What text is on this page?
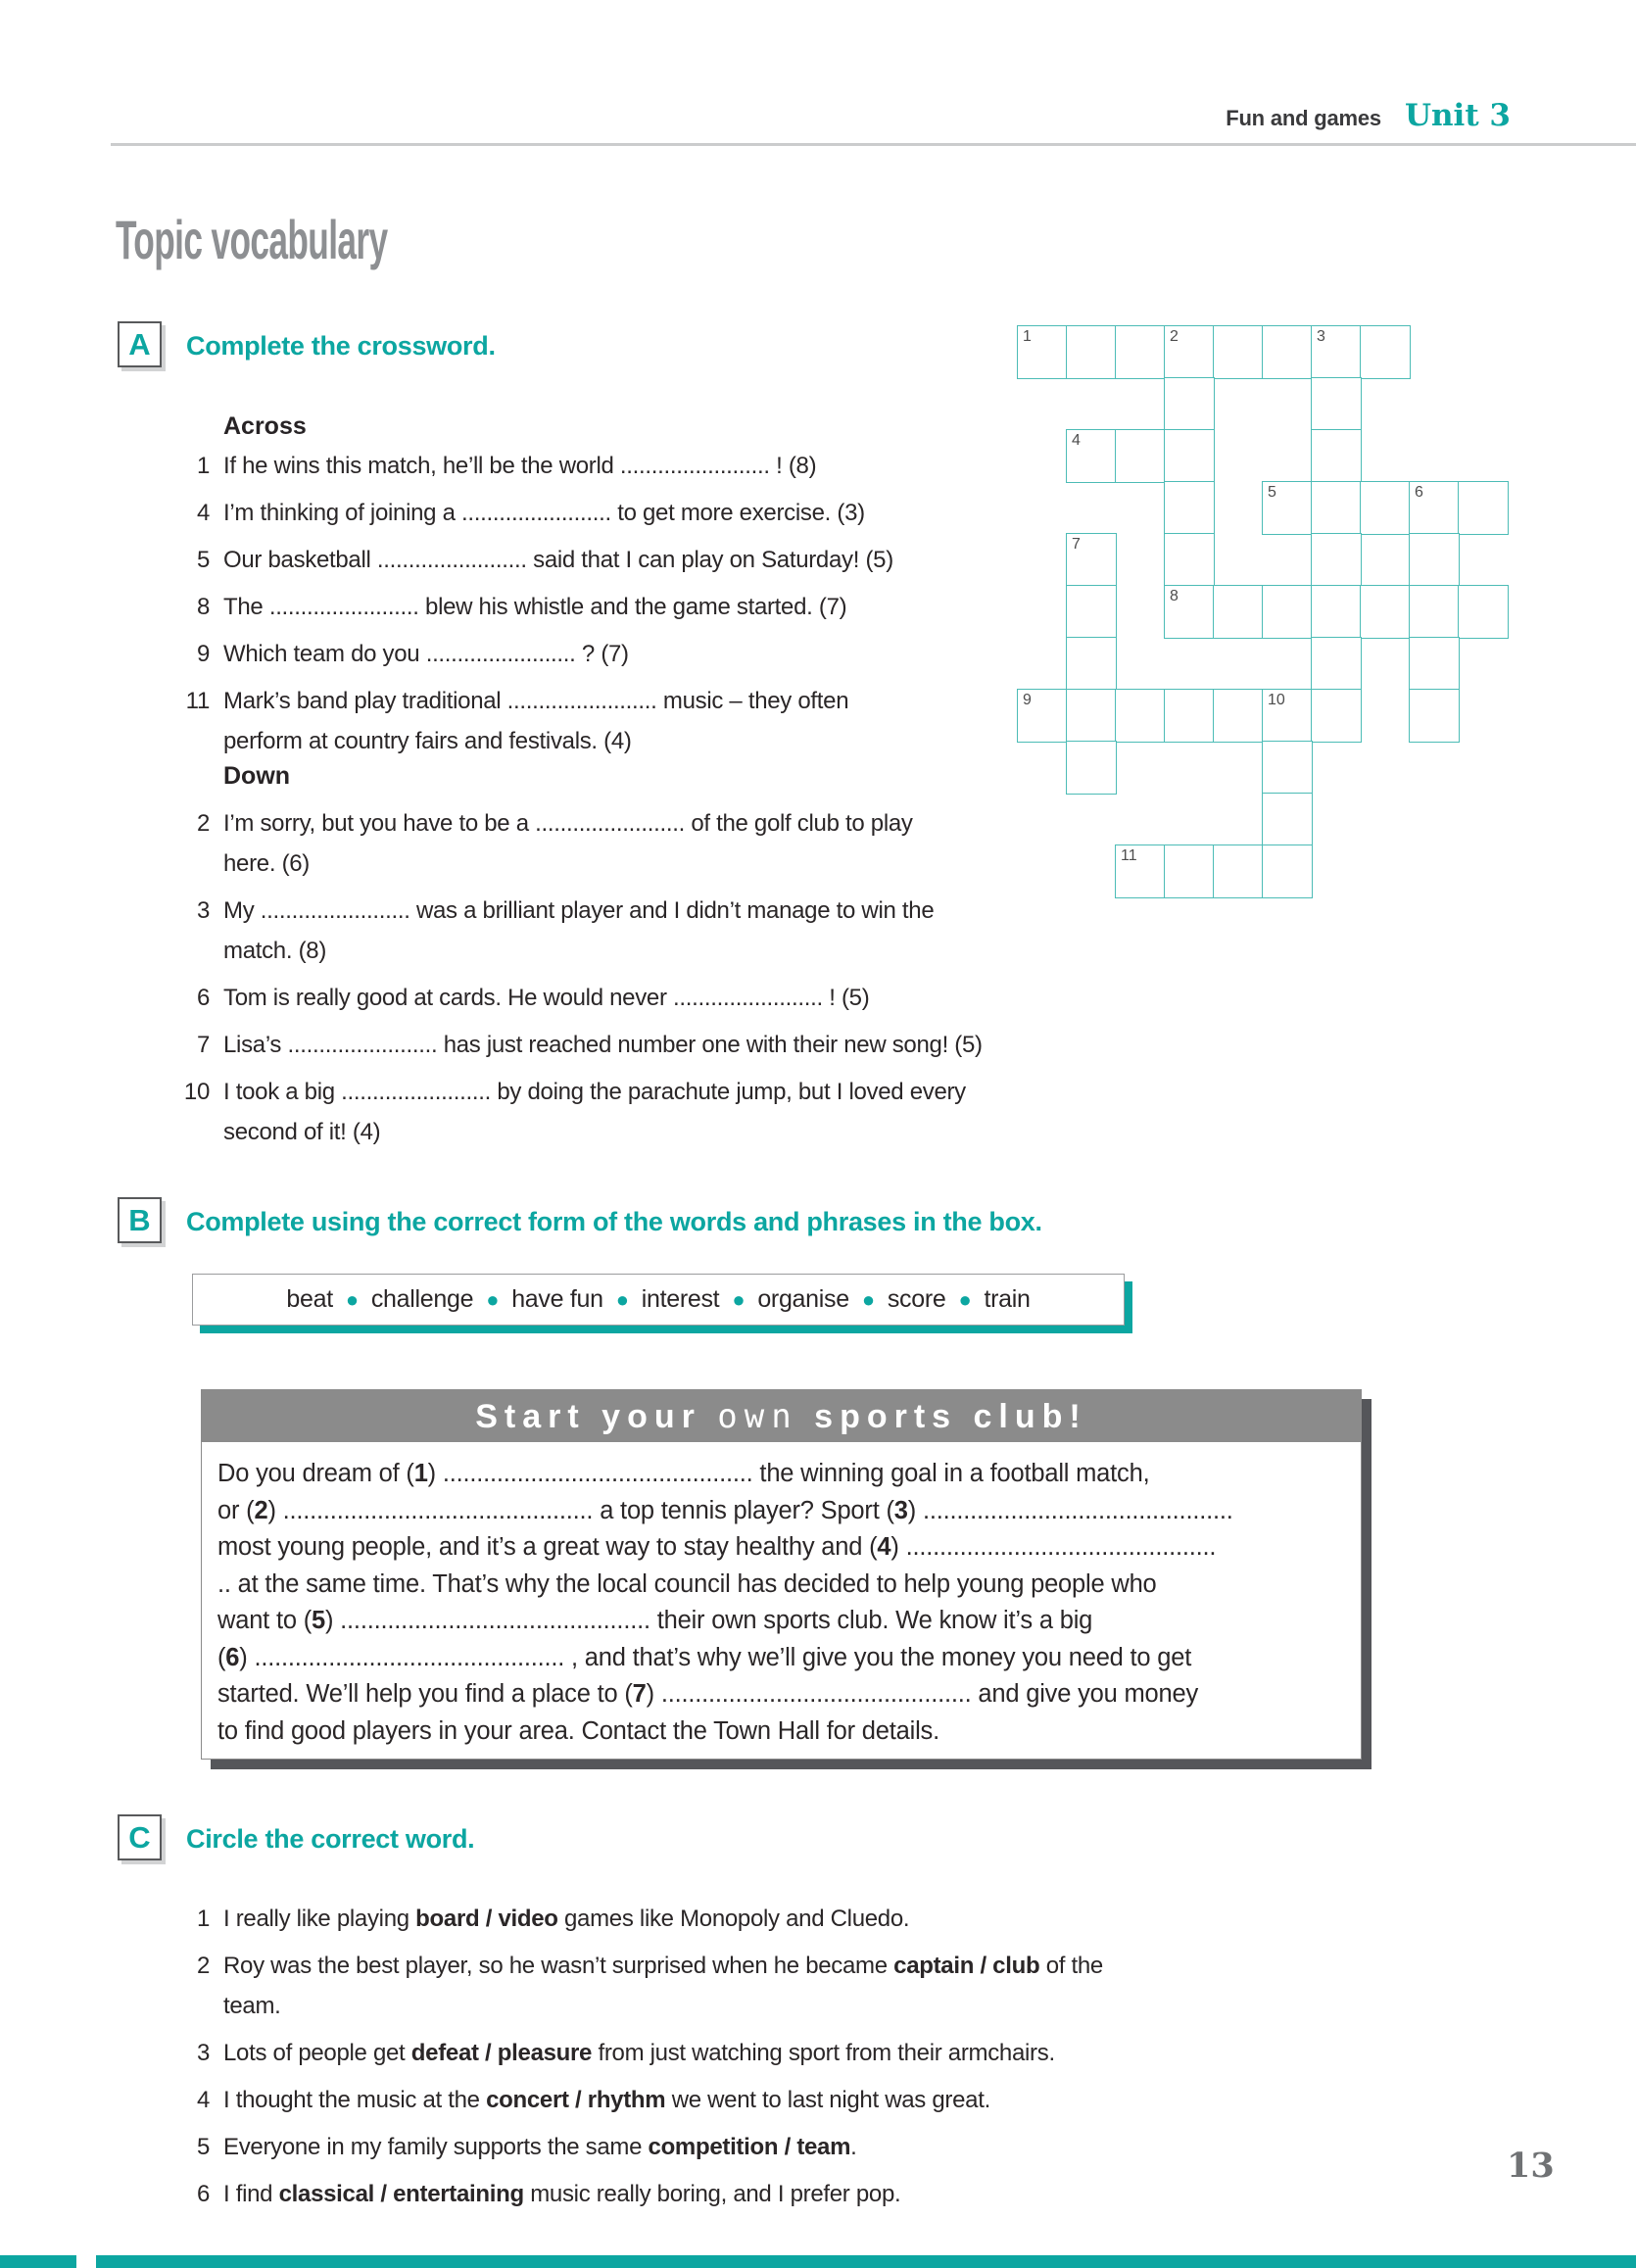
Fun and games Unit 3
Topic vocabulary
A Complete the crossword.
Across
1 If he wins this match, he’ll be the world ........................ ! (8)
4 I’m thinking of joining a ........................ to get more exercise. (3)
5 Our basketball ........................ said that I can play on Saturday! (5)
8 The ........................ blew his whistle and the game started. (7)
9 Which team do you ........................ ? (7)
11 Mark’s band play traditional ........................ music – they often
perform at country fairs and festivals. (4)
Down
2 I’m sorry, but you have to be a ........................ of the golf club to play
here. (6)
3 My ........................ was a brilliant player and I didn’t manage to win the
match. (8)
6 Tom is really good at cards. He would never ........................ ! (5)
7 Lisa’s ........................ has just reached number one with their new song! (5)
10 I took a big ........................ by doing the parachute jump, but I loved every
second of it! (4)
1	2	3
4
5	6
7
8
9	10
11
B Complete using the correct form of the words and phrases in the box.
beat ● challenge ● have fun ● interest ● organise ● score ● train
Start your own sports club!
Do you dream of (1) .............................................. the winning goal in a football match,
or (2) .............................................. a top tennis player? Sport (3) ..............................................
most young people, and it’s a great way to stay healthy and (4) ..............................................
.. at the same time. That’s why the local council has decided to help young people who
want to (5) .............................................. their own sports club. We know it’s a big
(6) .............................................. , and that’s why we’ll give you the money you need to get
started. We’ll help you find a place to (7) .............................................. and give you money
to find good players in your area. Contact the Town Hall for details.
C Circle the correct word.
1 I really like playing board / video games like Monopoly and Cluedo.
2 Roy was the best player, so he wasn’t surprised when he became captain / club of the
team.
3 Lots of people get defeat / pleasure from just watching sport from their armchairs.
4 I thought the music at the concert / rhythm we went to last night was great.
5 Everyone in my family supports the same competition / team.
6 I find classical / entertaining music really boring, and I prefer pop.
13
